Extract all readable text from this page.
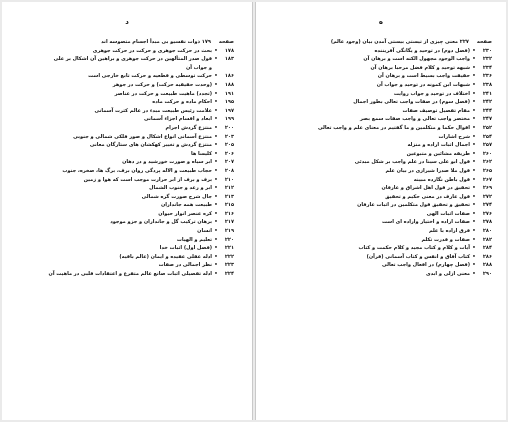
د
صفحه
۱۷۹ ذوات نفسیو بی مبدأ اجسام متصوسه اند
۱۷۸
•
بحث در حرکت جوهری و حرکت در حرکت جوهری
۱۸۳
•
قول صدر المتألهین در حرکت جوهری و براهین آن اشکال بر علی
و جواب آن
۱۸۶
•
حرکت توسطی و قطعیه و حرکت تابع خارجی است
۱۸۸
•
(وحدت حقیقیه حرکت) و حرکت در جوهر
۱۹۱
•
(تجدد) ماهیت طبیعت و حرکت در عناصر
۱۹۵
•
احکام ماده و حرکت ماده
۱۹۷
•
علامت رئیس طبیعت مبدء در عالم کثرت آسمانی
۱۹۹
•
ابعاد و اقسام اجزاء آسمانی
۲۰۰
•
منتزع گردش اجرام
۲۰۳
•
منتزع آسمانی انواع اشکال و صور فلکی شمالی و جنوبی
۲۰۵
•
منتزع گردش و تغییر کهکشان های ستارگان معانی
۲۰۶
•
کلیسا ها
۲۰۷
•
ابر سیاه و صورت خورشید و در دهان
۲۰۸
•
حجاب طبیعت و الاله پردگی روان برف، برگ ها، صخره، جنوب
۲۱۰
•
برف و برف از ابر حرارت موجب است که هوا و زمین
۲۱۲
•
ابر و رعد و جنوب الشمال
۲۱۳
•
جال شرح صورت گره شمالی
۲۱۵
•
طبیعت همه جانداران
۲۱۶
•
کره عنصر انوار حیوان
۲۱۷
•
برهان ترکیب گل و جانداران و جزو موجود
۲۱۹
•
انسان
۲۲۰
•
تعلیم و الهیات
۲۲۱
•
(فصل اول) اثبات خدا
۲۲۲
•
ادله عقلی عقیده و ایمان (عالم باقیه)
۲۲۳
•
نظر اجمالی در صفات
۲۲۴
•
ادله تفصیلی اثبات صانع عالم متفرع و اعتقادات قلبی در ماهیت آن
ه
صفحه
۲۲۷ معنی چیزی از تیستی بیستی آمدن بیان (وجود عالم)
۲۳۰
•
(فصل دوم) در توحید و یگانگی آفریننده
۲۳۲
•
واجب الوجود مجهول الکنه است و برهان آن
۲۳۴
•
شبهه توحید و کلام فضل مرحبا برهان آن
۲۳۶
•
حقیقت واجب بسیط است و برهان آن
۲۳۸
•
شبهات ابن کمونه در توحید و جواب آن
۲۴۱
•
اختلاف در توحید و جواب روایت
۲۴۲
•
(فصل سوم) در صفات واجب تعالی بطور اجمال
۲۴۴
•
مقام تفصیل توصیف صفات
۲۴۷
•
مختصر واجب تعالی و واجب صفات سمع بصر
۲۵۲
•
اقوال حکما و متکلمین و ما گفتیم در معنای علم و واجب تعالی
۲۵۴
•
شرح اشارات
۲۵۷
•
اجمال اثبات اراده و منزله
۲۶۰
•
طریقه مشائین و متبوعین
۲۶۲
•
قول ابو علی سینا در علم واجب بر شکل مبدئی
۲۶۵
•
قول ملا صدرا شیرازی در بیان علم
۲۶۷
•
قول باطن نگارده مبینه
۲۶۹
•
تحقیق در قول اهل اشراق و عارفان
۲۷۲
•
قول عارف در معنی حکیم و تحقیق
۲۷۴
•
تحقیق و تحقیق قول متکلمین در اثبات عارفان
۲۷۶
•
صفات اثبات الهی
۲۷۸
•
صفات اراده و اختیار واراده ای است
۲۸۰
•
فرق اراده با علم
۲۸۲
•
صفات و قدرت تکلم
۲۸۴
•
آیات و کلام و کتاب مجید و کلام حکمت و کتاب
۲۸۶
•
کتاب آفاق و انفس و کتاب آسمانی (قرآن)
۲۸۸
•
(فصل چهارم) در افعال واجب تعالی
۲۹۰
•
معنی ازلی و ابدی
